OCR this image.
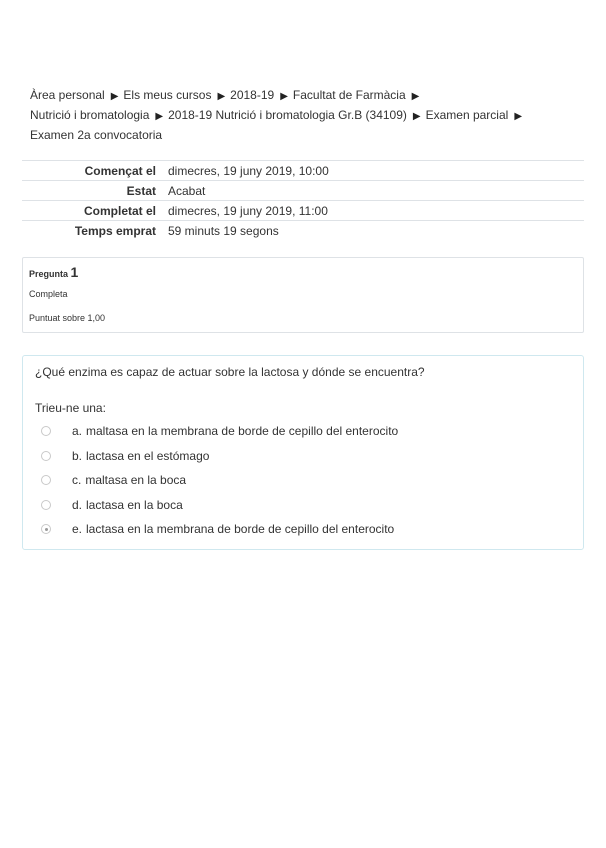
Àrea personal ▶ Els meus cursos ▶ 2018-19 ▶ Facultat de Farmàcia ▶
Nutrició i bromatologia ▶ 2018-19 Nutrició i bromatologia Gr.B (34109) ▶ Examen parcial ▶
Examen 2a convocatoria
Començat el	dimecres, 19 juny 2019, 10:00
Estat	Acabat
Completat el	dimecres, 19 juny 2019, 11:00
Temps emprat	59 minuts 19 segons
Pregunta 1
Completa
Puntuat sobre 1,00
¿Qué enzima es capaz de actuar sobre la lactosa y dónde se encuentra?
Trieu-ne una:
a. maltasa en la membrana de borde de cepillo del enterocito
b. lactasa en el estómago
c. maltasa en la boca
d. lactasa en la boca
e. lactasa en la membrana de borde de cepillo del enterocito
